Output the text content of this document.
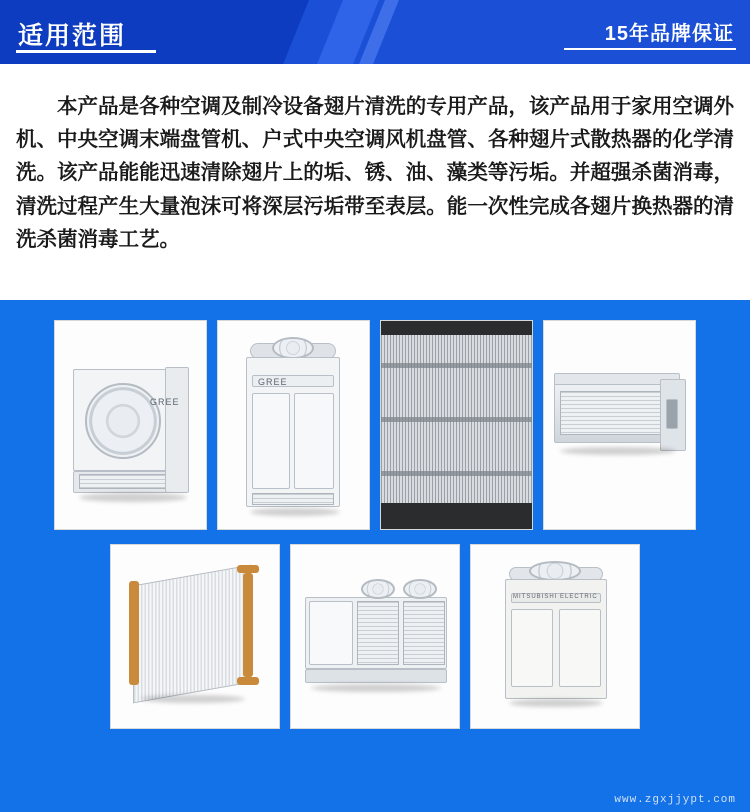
适用范围	15年品牌保证
本产品是各种空调及制冷设备翅片清洗的专用产品，该产品用于家用空调外机、中央空调末端盘管机、户式中央空调风机盘管、各种翅片式散热器的化学清洗。该产品能能迅速清除翅片上的垢、锈、油、藻类等污垢。并超强杀菌消毒，清洗过程产生大量泡沫可将深层污垢带至表层。能一次性完成各翅片换热器的清洗杀菌消毒工艺。
GREE
GREE
MITSUBISHI ELECTRIC
www.zgxjjypt.com
